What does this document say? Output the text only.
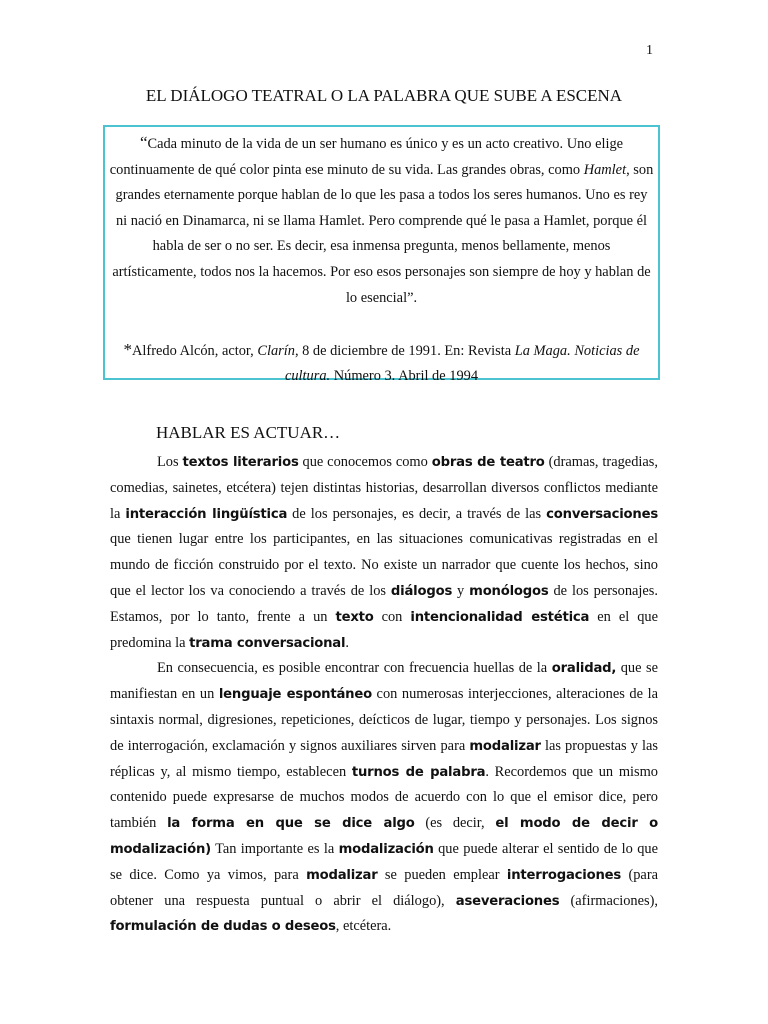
1
EL DIÁLOGO TEATRAL O LA PALABRA QUE SUBE A ESCENA

“Cada minuto de la vida de un ser humano es único y es un acto creativo. Uno elige continuamente de qué color pinta ese minuto de su vida. Las grandes obras, como Hamlet, son grandes eternamente porque hablan de lo que les pasa a todos los seres humanos. Uno es rey ni nació en Dinamarca, ni se llama Hamlet. Pero comprende qué le pasa a Hamlet, porque él habla de ser o no ser. Es decir, esa inmensa pregunta, menos bellamente, menos artísticamente, todos nos la hacemos. Por eso esos personajes son siempre de hoy y hablan de lo esencial”.

*Alfredo Alcón, actor, Clarín, 8 de diciembre de 1991. En: Revista La Maga. Noticias de cultura. Número 3. Abril de 1994

HABLAR ES ACTUAR…

Los textos literarios que conocemos como obras de teatro (dramas, tragedias, comedias, sainetes, etcétera) tejen distintas historias, desarrollan diversos conflictos mediante la interacción lingüística de los personajes, es decir, a través de las conversaciones que tienen lugar entre los participantes, en las situaciones comunicativas registradas en el mundo de ficción construido por el texto. No existe un narrador que cuente los hechos, sino que el lector los va conociendo a través de los diálogos y monólogos de los personajes. Estamos, por lo tanto, frente a un texto con intencionalidad estética en el que predomina la trama conversacional.

En consecuencia, es posible encontrar con frecuencia huellas de la oralidad, que se manifiestan en un lenguaje espontáneo con numerosas interjecciones, alteraciones de la sintaxis normal, digresiones, repeticiones, deícticos de lugar, tiempo y personajes. Los signos de interrogación, exclamación y signos auxiliares sirven para modalizar las propuestas y las réplicas y, al mismo tiempo, establecen turnos de palabra. Recordemos que un mismo contenido puede expresarse de muchos modos de acuerdo con lo que el emisor dice, pero también la forma en que se dice algo (es decir, el modo de decir o modalización) Tan importante es la modalización que puede alterar el sentido de lo que se dice. Como ya vimos, para modalizar se pueden emplear interrogaciones (para obtener una respuesta puntual o abrir el diálogo), aseveraciones (afirmaciones), formulación de dudas o deseos, etcétera.
